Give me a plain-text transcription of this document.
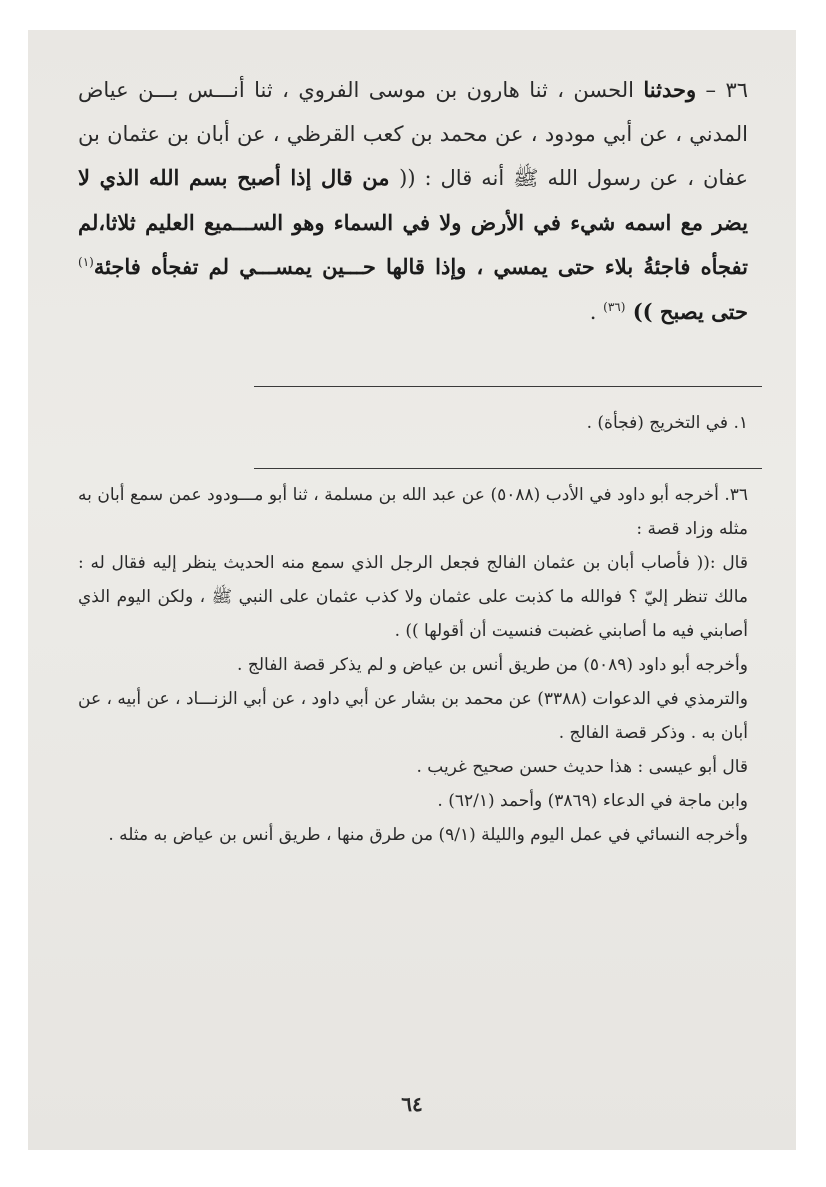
٣٦ – وحدثنا الحسن ، ثنا هارون بن موسى الفروي ، ثنا أنـــس بـــن عياض المدني ، عن أبي مودود ، عن محمد بن كعب القرظي ، عن أبان بن عثمان بن عفان ، عن رسول الله ﷺ أنه قال : (( من قال إذا أصبح بسم الله الذي لا يضر مع اسمه شيء في الأرض ولا في السماء وهو الســـميع العليم ثلاثا،لم تفجأه فاجئةُ بلاء حتى يمسي ، وإذا قالها حـــين يمســـي لم تفجأه فاجئة$^{(١)}$ حتى يصبح )) $^{(٣٦)}$ .
١. في التخريج (فجأة) .
٣٦. أخرجه أبو داود في الأدب (٥٠٨٨) عن عبد الله بن مسلمة ، ثنا أبو مـــودود عمن سمع أبان به مثله وزاد قصة :
قال :(( فأصاب أبان بن عثمان الفالج فجعل الرجل الذي سمع منه الحديث ينظر إليه فقال له : مالك تنظر إليّ ؟ فوالله ما كذبت على عثمان ولا كذب عثمان على النبي ﷺ ، ولكن اليوم الذي أصابني فيه ما أصابني غضبت فنسيت أن أقولها )) .
وأخرجه أبو داود (٥٠٨٩) من طريق أنس بن عياض و لم يذكر قصة الفالج .
والترمذي في الدعوات (٣٣٨٨) عن محمد بن بشار عن أبي داود ، عن أبي الزنـــاد ، عن أبيه ، عن أبان به . وذكر قصة الفالج .
قال أبو عيسى : هذا حديث حسن صحيح غريب .
وابن ماجة في الدعاء (٣٨٦٩) وأحمد (٦٢/١) .
وأخرجه النسائي في عمل اليوم والليلة (٩/١) من طرق منها ، طريق أنس بن عياض به مثله .
٦٤
